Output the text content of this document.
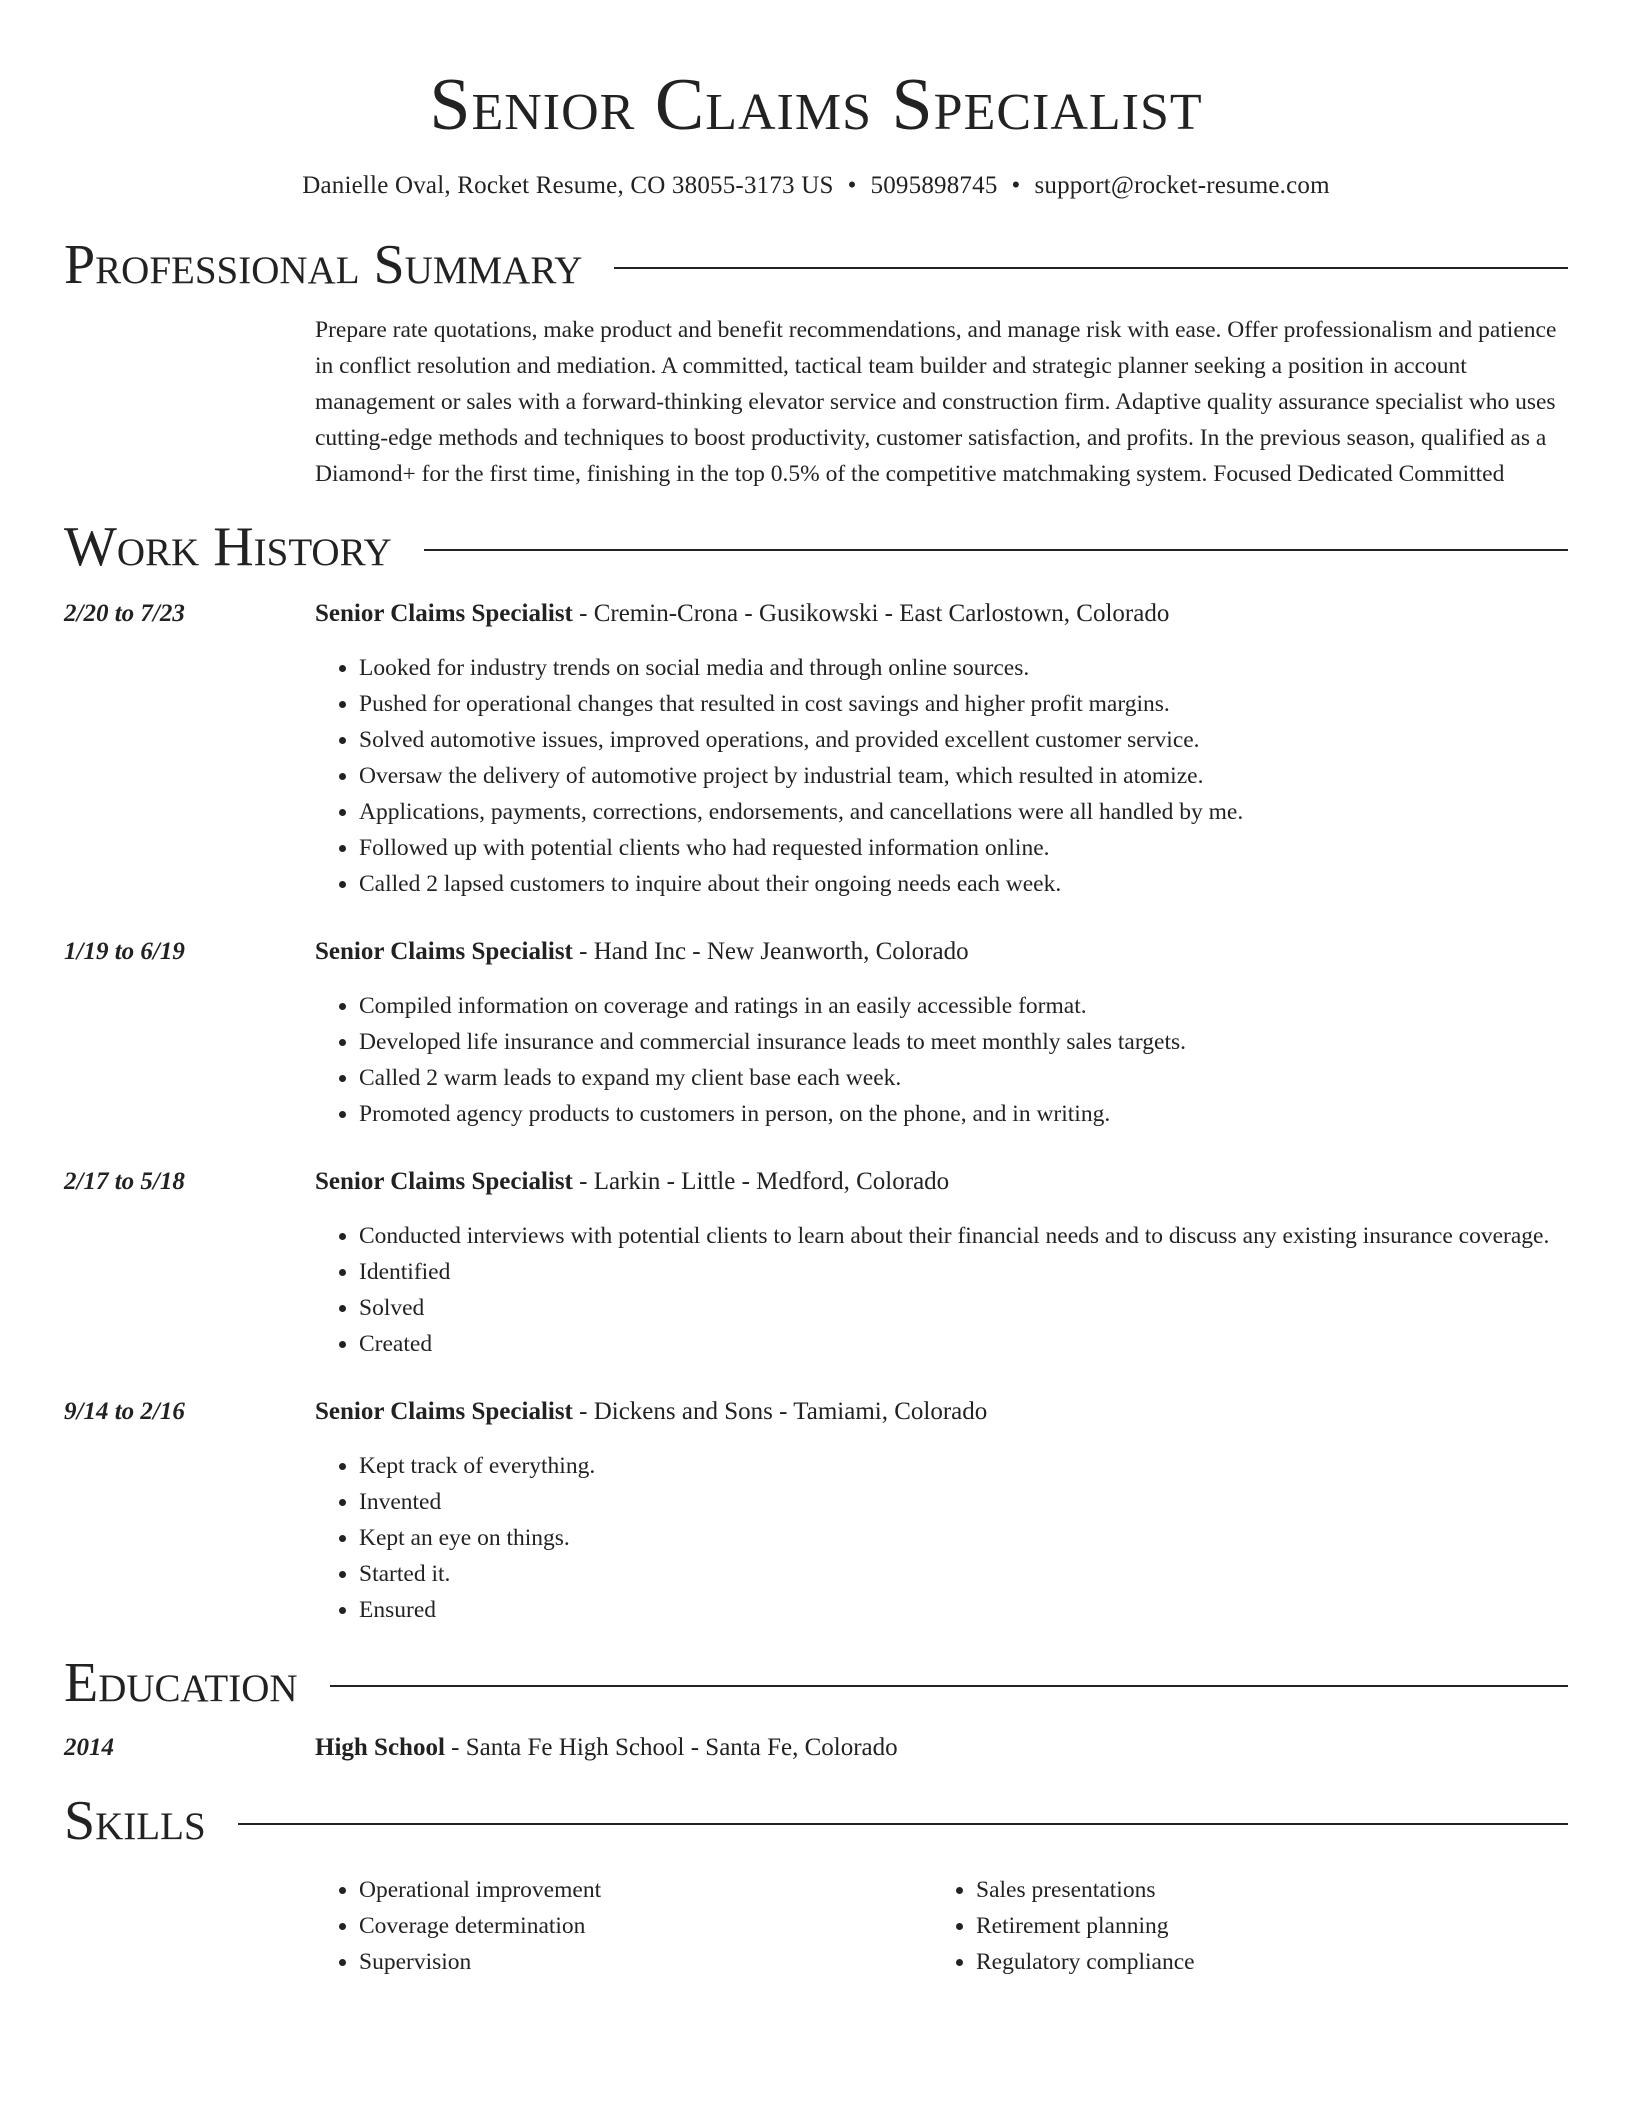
Senior Claims Specialist
Danielle Oval, Rocket Resume, CO 38055-3173 US • 5095898745 • support@rocket-resume.com
Professional Summary
Prepare rate quotations, make product and benefit recommendations, and manage risk with ease. Offer professionalism and patience in conflict resolution and mediation. A committed, tactical team builder and strategic planner seeking a position in account management or sales with a forward-thinking elevator service and construction firm. Adaptive quality assurance specialist who uses cutting-edge methods and techniques to boost productivity, customer satisfaction, and profits. In the previous season, qualified as a Diamond+ for the first time, finishing in the top 0.5% of the competitive matchmaking system. Focused Dedicated Committed
Work History
2/20 to 7/23	Senior Claims Specialist - Cremin-Crona - Gusikowski - East Carlostown, Colorado
• Looked for industry trends on social media and through online sources.
• Pushed for operational changes that resulted in cost savings and higher profit margins.
• Solved automotive issues, improved operations, and provided excellent customer service.
• Oversaw the delivery of automotive project by industrial team, which resulted in atomize.
• Applications, payments, corrections, endorsements, and cancellations were all handled by me.
• Followed up with potential clients who had requested information online.
• Called 2 lapsed customers to inquire about their ongoing needs each week.
1/19 to 6/19	Senior Claims Specialist - Hand Inc - New Jeanworth, Colorado
• Compiled information on coverage and ratings in an easily accessible format.
• Developed life insurance and commercial insurance leads to meet monthly sales targets.
• Called 2 warm leads to expand my client base each week.
• Promoted agency products to customers in person, on the phone, and in writing.
2/17 to 5/18	Senior Claims Specialist - Larkin - Little - Medford, Colorado
• Conducted interviews with potential clients to learn about their financial needs and to discuss any existing insurance coverage.
• Identified
• Solved
• Created
9/14 to 2/16	Senior Claims Specialist - Dickens and Sons - Tamiami, Colorado
• Kept track of everything.
• Invented
• Kept an eye on things.
• Started it.
• Ensured
Education
2014	High School - Santa Fe High School - Santa Fe, Colorado
Skills
• Operational improvement
• Coverage determination
• Supervision
• Sales presentations
• Retirement planning
• Regulatory compliance
